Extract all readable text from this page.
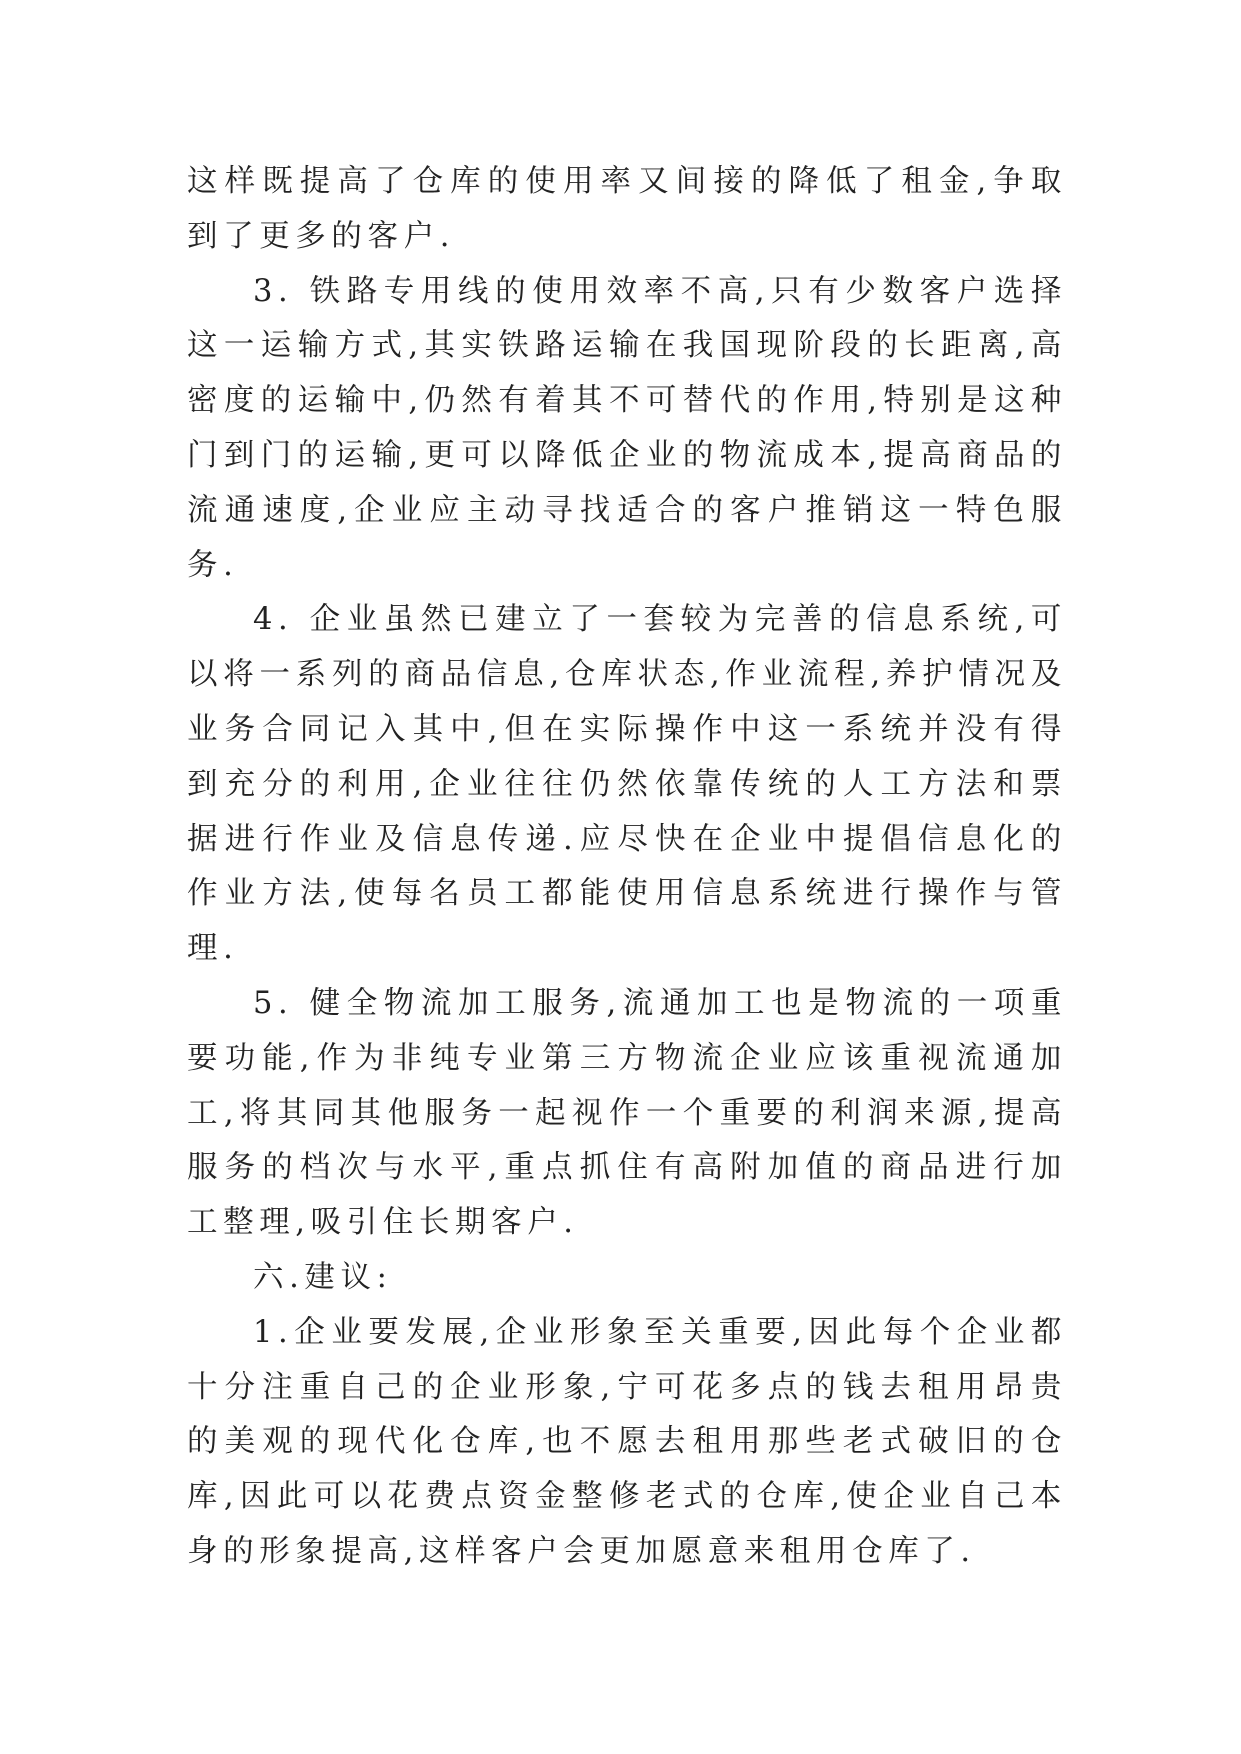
这样既提高了仓库的使用率又间接的降低了租金,争取到了更多的客户.

3. 铁路专用线的使用效率不高,只有少数客户选择这一运输方式,其实铁路运输在我国现阶段的长距离,高密度的运输中,仍然有着其不可替代的作用,特别是这种门到门的运输,更可以降低企业的物流成本,提高商品的流通速度,企业应主动寻找适合的客户推销这一特色服务.

4. 企业虽然已建立了一套较为完善的信息系统,可以将一系列的商品信息,仓库状态,作业流程,养护情况及业务合同记入其中,但在实际操作中这一系统并没有得到充分的利用,企业往往仍然依靠传统的人工方法和票据进行作业及信息传递.应尽快在企业中提倡信息化的作业方法,使每名员工都能使用信息系统进行操作与管理.

5. 健全物流加工服务,流通加工也是物流的一项重要功能,作为非纯专业第三方物流企业应该重视流通加工,将其同其他服务一起视作一个重要的利润来源,提高服务的档次与水平,重点抓住有高附加值的商品进行加工整理,吸引住长期客户.

六.建议:

1.企业要发展,企业形象至关重要,因此每个企业都十分注重自己的企业形象,宁可花多点的钱去租用昂贵的美观的现代化仓库,也不愿去租用那些老式破旧的仓库,因此可以花费点资金整修老式的仓库,使企业自己本身的形象提高,这样客户会更加愿意来租用仓库了.
